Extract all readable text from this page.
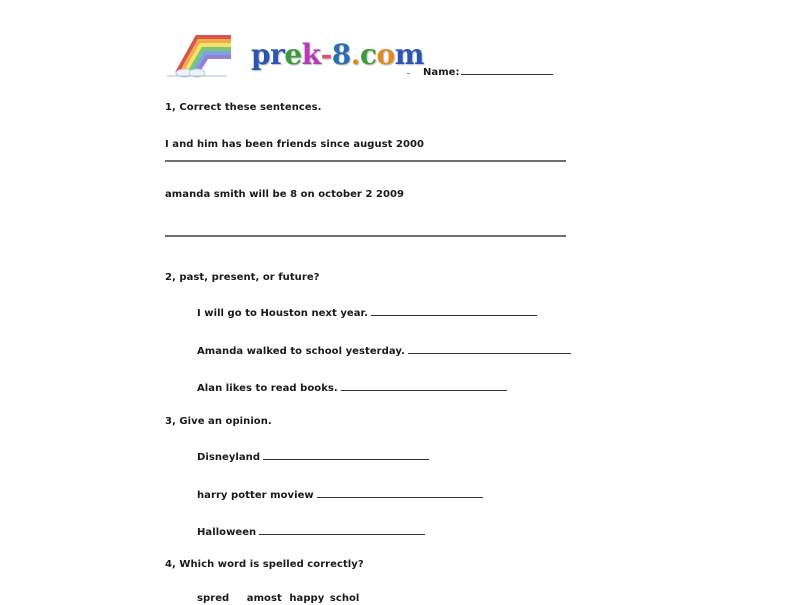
prek-8.com
Name:
1, Correct these sentences.
I and him has been friends since august 2000
amanda smith will be 8 on october 2 2009
2, past, present, or future?
I will go to Houston next year.
Amanda walked to school yesterday.
Alan likes to read books.
3, Give an opinion.
Disneyland
harry potter moview
Halloween
4, Which word is spelled correctly?
spred amost happy schol
